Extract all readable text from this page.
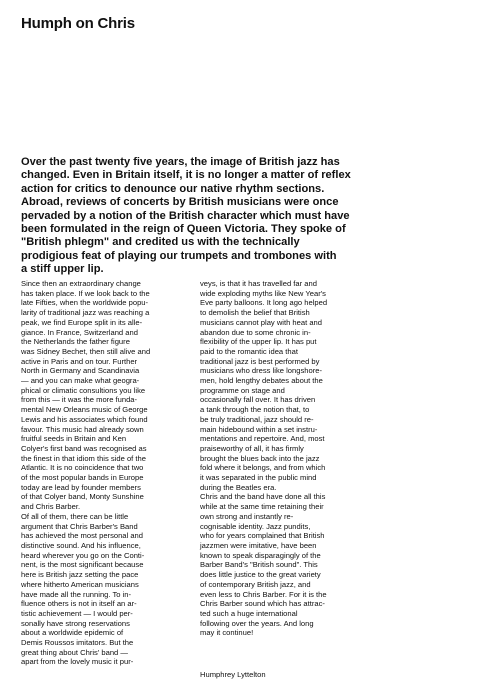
Humph on Chris
Over the past twenty five years, the image of British jazz has
changed. Even in Britain itself, it is no longer a matter of reflex
action for critics to denounce our native rhythm sections.
Abroad, reviews of concerts by British musicians were once
pervaded by a notion of the British character which must have
been formulated in the reign of Queen Victoria. They spoke of
"British phlegm" and credited us with the technically
prodigious feat of playing our trumpets and trombones with
a stiff upper lip.
Since then an extraordinary change
has taken place. If we look back to the
late Fifties, when the worldwide popu-
larity of traditional jazz was reaching a
peak, we find Europe split in its alle-
giance. In France, Switzerland and
the Netherlands the father figure
was Sidney Bechet, then still alive and
active in Paris and on tour. Further
North in Germany and Scandinavia
— and you can make what geogra-
phical or climatic consultions you like
from this — it was the more funda-
mental New Orleans music of George
Lewis and his associates which found
favour. This music had already sown
fruitful seeds in Britain and Ken
Colyer's first band was recognised as
the finest in that idiom this side of the
Atlantic. It is no coincidence that two
of the most popular bands in Europe
today are lead by founder members
of that Colyer band, Monty Sunshine
and Chris Barber.
Of all of them, there can be little
argument that Chris Barber's Band
has achieved the most personal and
distinctive sound. And his influence,
heard wherever you go on the Conti-
nent, is the most significant because
here is British jazz setting the pace
where hitherto American musicians
have made all the running. To in-
fluence others is not in itself an ar-
tistic achievement — I would per-
sonally have strong reservations
about a worldwide epidemic of
Demis Roussos imitators. But the
great thing about Chris' band —
apart from the lovely music it pur-
veys, is that it has travelled far and
wide exploding myths like New Year's
Eve party balloons. It long ago helped
to demolish the belief that British
musicians cannot play with heat and
abandon due to some chronic in-
flexibility of the upper lip. It has put
paid to the romantic idea that
traditional jazz is best performed by
musicians who dress like longshore-
men, hold lengthy debates about the
programme on stage and
occasionally fall over. It has driven
a tank through the notion that, to
be truly traditional, jazz should re-
main hidebound within a set instru-
mentations and repertoire. And, most
praiseworthy of all, it has firmly
brought the blues back into the jazz
fold where it belongs, and from which
it was separated in the public mind
during the Beatles era.
Chris and the band have done all this
while at the same time retaining their
own strong and instantly re-
cognisable identity. Jazz pundits,
who for years complained that British
jazzmen were imitative, have been
known to speak disparagingly of the
Barber Band's "British sound". This
does little justice to the great variety
of contemporary British jazz, and
even less to Chris Barber. For it is the
Chris Barber sound which has attrac-
ted such a huge international
following over the years. And long
may it continue!

Humphrey Lyttelton
